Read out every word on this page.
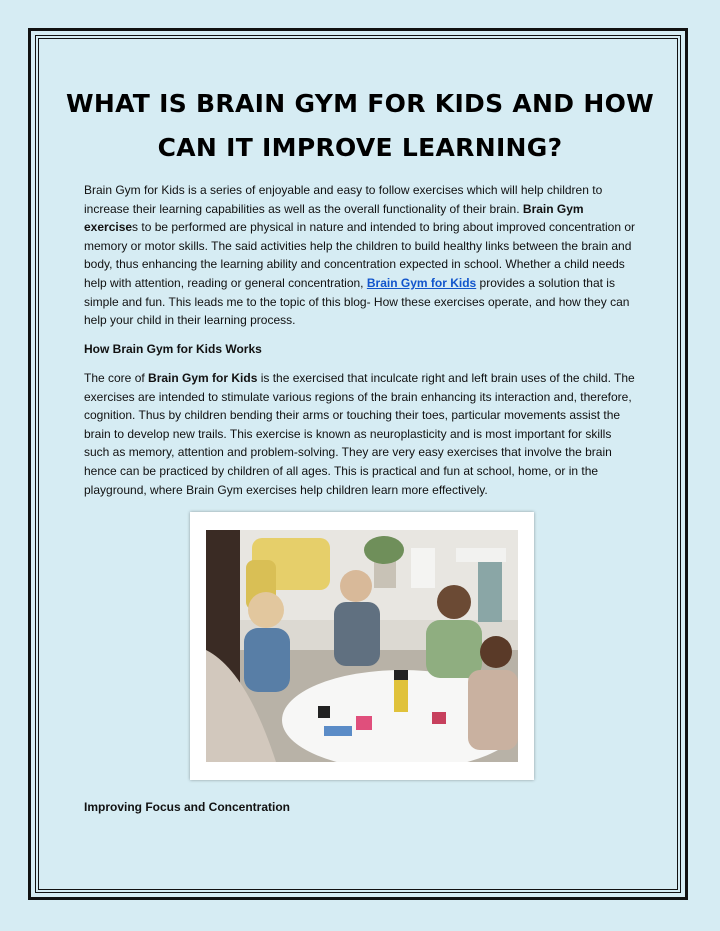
WHAT IS BRAIN GYM FOR KIDS AND HOW CAN IT IMPROVE LEARNING?
Brain Gym for Kids is a series of enjoyable and easy to follow exercises which will help children to increase their learning capabilities as well as the overall functionality of their brain. Brain Gym exercises to be performed are physical in nature and intended to bring about improved concentration or memory or motor skills. The said activities help the children to build healthy links between the brain and body, thus enhancing the learning ability and concentration expected in school. Whether a child needs help with attention, reading or general concentration, Brain Gym for Kids provides a solution that is simple and fun. This leads me to the topic of this blog- How these exercises operate, and how they can help your child in their learning process.
How Brain Gym for Kids Works
The core of Brain Gym for Kids is the exercised that inculcate right and left brain uses of the child. The exercises are intended to stimulate various regions of the brain enhancing its interaction and, therefore, cognition. Thus by children bending their arms or touching their toes, particular movements assist the brain to develop new trails. This exercise is known as neuroplasticity and is most important for skills such as memory, attention and problem-solving. They are very easy exercises that involve the brain hence can be practiced by children of all ages. This is practical and fun at school, home, or in the playground, where Brain Gym exercises help children learn more effectively.
Improving Focus and Concentration
